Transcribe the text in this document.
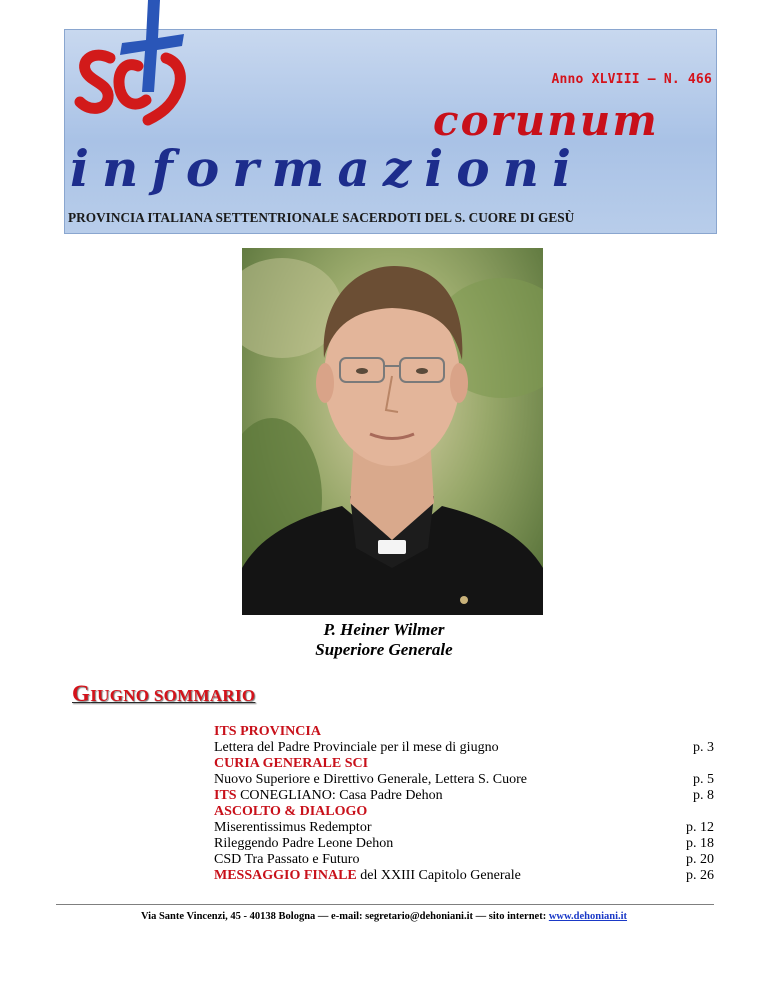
Anno XLVIII – N. 466

corunum
informazioni

PROVINCIA ITALIANA SETTENTRIONALE SACERDOTI DEL S. CUORE DI GESÙ

P. Heiner Wilmer
Superiore Generale
GIUGNO SOMMARIO
ITS PROVINCIA
Lettera del Padre Provinciale per il mese di giugno	p. 3
CURIA GENERALE SCI
Nuovo Superiore e Direttivo Generale, Lettera S. Cuore	p. 5
ITS CONEGLIANO: Casa Padre Dehon	p. 8
ASCOLTO & DIALOGO
Miserentissimus Redemptor	p. 12
Rileggendo Padre Leone Dehon	p. 18
CSD Tra Passato e Futuro	p. 20
MESSAGGIO FINALE del XXIII Capitolo Generale	p. 26
Via Sante Vincenzi, 45 - 40138 Bologna — e-mail: segretario@dehoniani.it — sito internet: www.dehoniani.it
